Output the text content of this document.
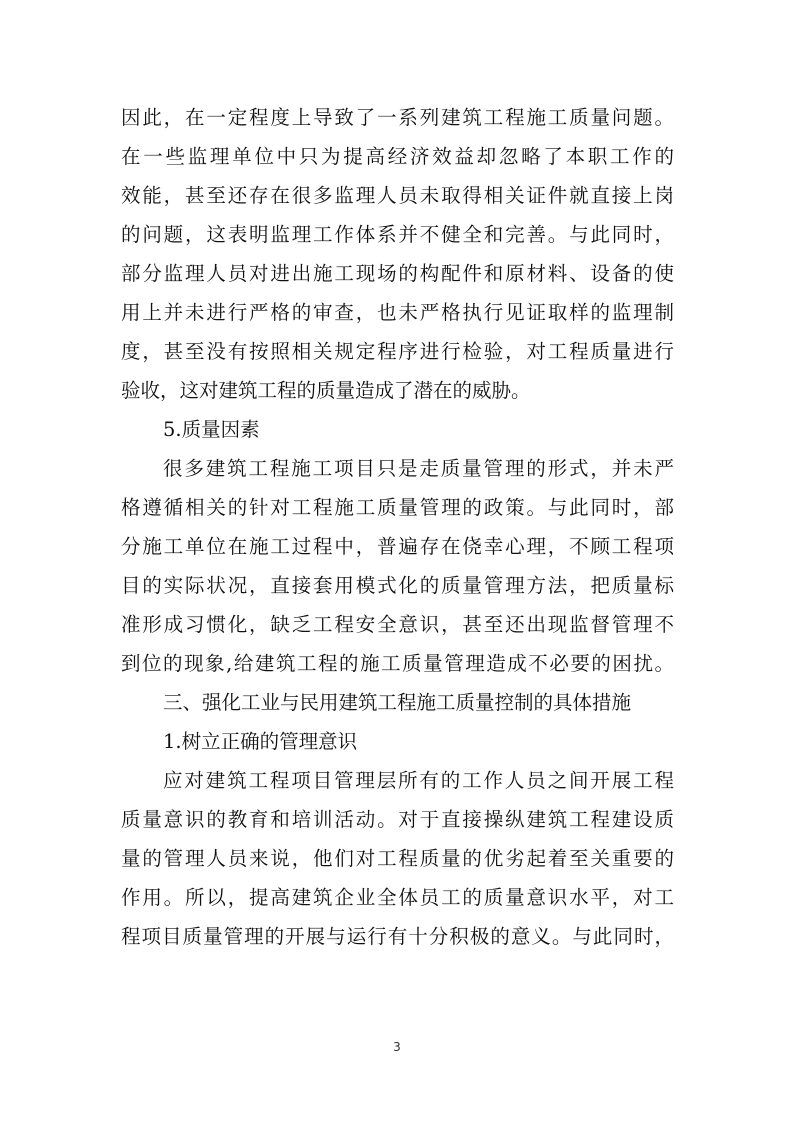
因此，在一定程度上导致了一系列建筑工程施工质量问题。
在一些监理单位中只为提高经济效益却忽略了本职工作的
效能，甚至还存在很多监理人员未取得相关证件就直接上岗
的问题，这表明监理工作体系并不健全和完善。与此同时，
部分监理人员对进出施工现场的构配件和原材料、设备的使
用上并未进行严格的审查，也未严格执行见证取样的监理制
度，甚至没有按照相关规定程序进行检验，对工程质量进行
验收，这对建筑工程的质量造成了潜在的威胁。
5.质量因素
很多建筑工程施工项目只是走质量管理的形式，并未严
格遵循相关的针对工程施工质量管理的政策。与此同时，部
分施工单位在施工过程中，普遍存在侥幸心理，不顾工程项
目的实际状况，直接套用模式化的质量管理方法，把质量标
准形成习惯化，缺乏工程安全意识，甚至还出现监督管理不
到位的现象,给建筑工程的施工质量管理造成不必要的困扰。
三、强化工业与民用建筑工程施工质量控制的具体措施
1.树立正确的管理意识
应对建筑工程项目管理层所有的工作人员之间开展工程
质量意识的教育和培训活动。对于直接操纵建筑工程建设质
量的管理人员来说，他们对工程质量的优劣起着至关重要的
作用。所以，提高建筑企业全体员工的质量意识水平，对工
程项目质量管理的开展与运行有十分积极的意义。与此同时，
3
